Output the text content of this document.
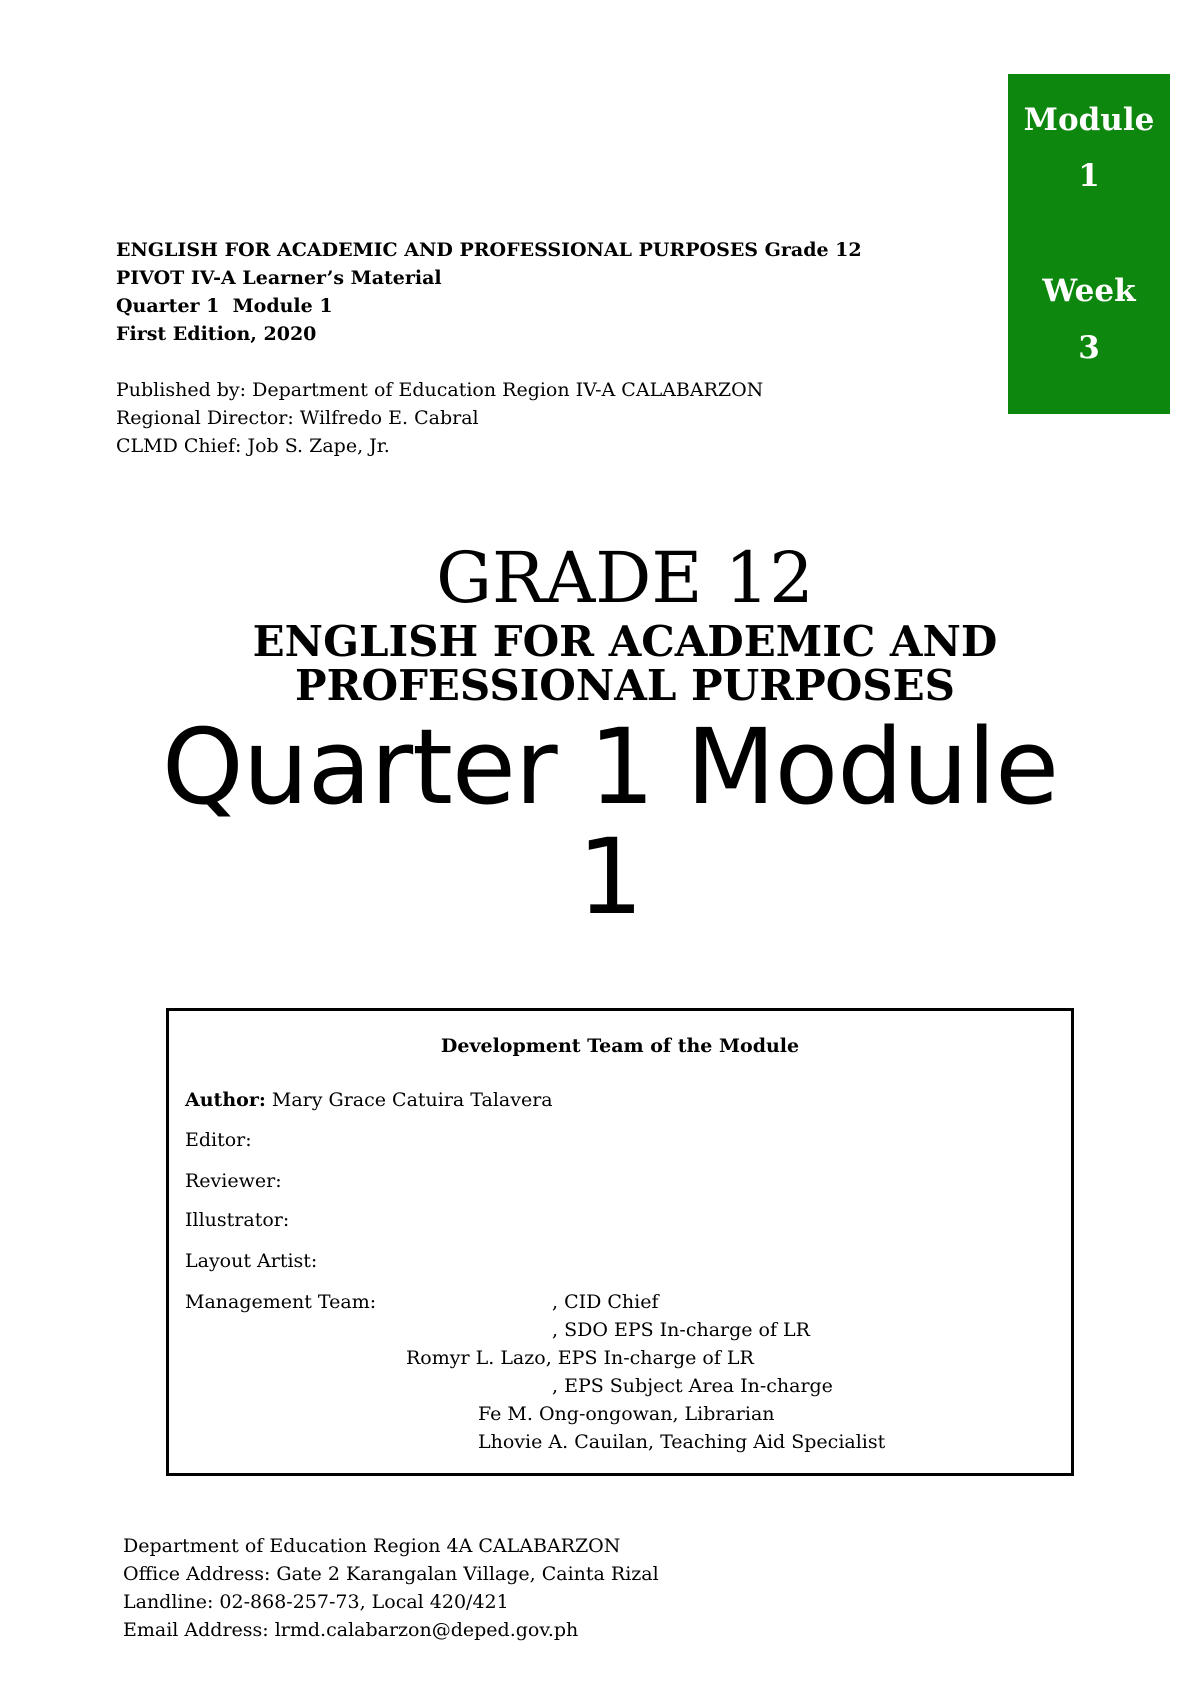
Module
1
Week
3
ENGLISH FOR ACADEMIC AND PROFESSIONAL PURPOSES Grade 12
PIVOT IV-A Learner’s Material
Quarter 1  Module 1
First Edition, 2020
Published by: Department of Education Region IV-A CALABARZON
Regional Director: Wilfredo E. Cabral
CLMD Chief: Job S. Zape, Jr.
GRADE 12
ENGLISH FOR ACADEMIC AND
PROFESSIONAL PURPOSES
Quarter 1 Module 1
Development Team of the Module
Author: Mary Grace Catuira Talavera
Editor:
Reviewer:
Illustrator:
Layout Artist:
Management Team:	, CID Chief
, SDO EPS In-charge of LR
Romyr L. Lazo, EPS In-charge of LR
, EPS Subject Area In-charge
Fe M. Ong-ongowan, Librarian
Lhovie A. Cauilan, Teaching Aid Specialist
Department of Education Region 4A CALABARZON
Office Address: Gate 2 Karangalan Village, Cainta Rizal
Landline: 02-868-257-73, Local 420/421
Email Address: lrmd.calabarzon@deped.gov.ph
